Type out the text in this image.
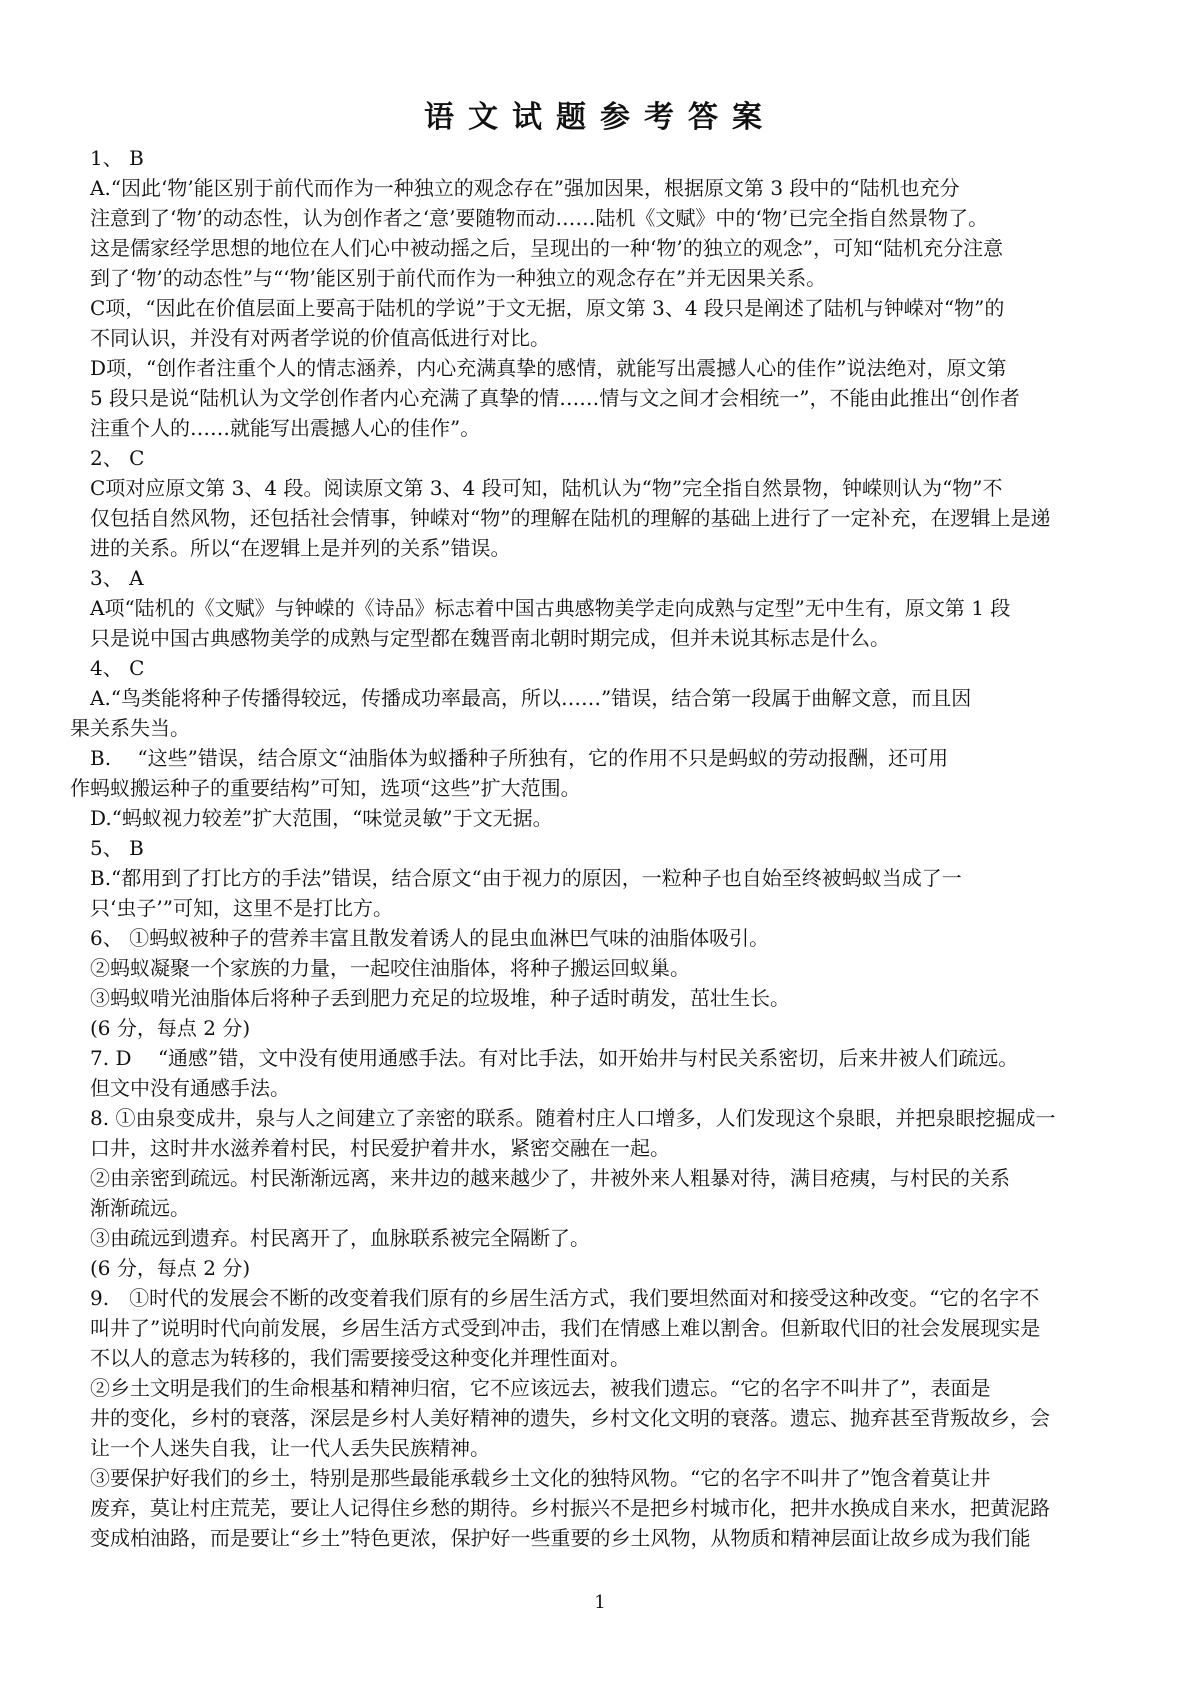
语文试题参考答案

1、 B

A.“因此‘物’能区别于前代而作为一种独立的观念存在”强加因果，根据原文第 3 段中的“陆机也充分

注意到了‘物’的动态性，认为创作者之‘意’要随物而动……陆机《文赋》中的‘物’已完全指自然景物了。

这是儒家经学思想的地位在人们心中被动摇之后，呈现出的一种‘物’的独立的观念”，可知“陆机充分注意

到了‘物’的动态性”与“‘物’能区别于前代而作为一种独立的观念存在”并无因果关系。

C项，“因此在价值层面上要高于陆机的学说”于文无据，原文第 3、4 段只是阐述了陆机与钟嵘对“物”的

不同认识，并没有对两者学说的价值高低进行对比。

D项，“创作者注重个人的情志涵养，内心充满真挚的感情，就能写出震撼人心的佳作”说法绝对，原文第

5 段只是说“陆机认为文学创作者内心充满了真挚的情……情与文之间才会相统一”，不能由此推出“创作者

注重个人的……就能写出震撼人心的佳作”。

2、 C

C项对应原文第 3、4 段。阅读原文第 3、4 段可知，陆机认为“物”完全指自然景物，钟嵘则认为“物”不

仅包括自然风物，还包括社会情事，钟嵘对“物”的理解在陆机的理解的基础上进行了一定补充，在逻辑上是递

进的关系。所以“在逻辑上是并列的关系”错误。

3、 A

A项“陆机的《文赋》与钟嵘的《诗品》标志着中国古典感物美学走向成熟与定型”无中生有，原文第 1 段

只是说中国古典感物美学的成熟与定型都在魏晋南北朝时期完成，但并未说其标志是什么。

4、 C

A.“鸟类能将种子传播得较远，传播成功率最高，所以……”错误，结合第一段属于曲解文意，而且因

果关系失当。

B.　 “这些”错误，结合原文“油脂体为蚁播种子所独有，它的作用不只是蚂蚁的劳动报酬，还可用

作蚂蚁搬运种子的重要结构”可知，选项“这些”扩大范围。

D.“蚂蚁视力较差”扩大范围，“味觉灵敏”于文无据。

5、 B

B.“都用到了打比方的手法”错误，结合原文“由于视力的原因，一粒种子也自始至终被蚂蚁当成了一

只‘虫子’”可知，这里不是打比方。

6、 ①蚂蚁被种子的营养丰富且散发着诱人的昆虫血淋巴气味的油脂体吸引。

②蚂蚁凝聚一个家族的力量，一起咬住油脂体，将种子搬运回蚁巢。

③蚂蚁啃光油脂体后将种子丢到肥力充足的垃圾堆，种子适时萌发，茁壮生长。

(6 分，每点 2 分)

7. D　 “通感”错，文中没有使用通感手法。有对比手法，如开始井与村民关系密切，后来井被人们疏远。

但文中没有通感手法。

8. ①由泉变成井，泉与人之间建立了亲密的联系。随着村庄人口增多，人们发现这个泉眼，并把泉眼挖掘成一

口井，这时井水滋养着村民，村民爱护着井水，紧密交融在一起。

②由亲密到疏远。村民渐渐远离，来井边的越来越少了，井被外来人粗暴对待，满目疮痍，与村民的关系

渐渐疏远。

③由疏远到遗弃。村民离开了，血脉联系被完全隔断了。

(6 分，每点 2 分)

9.　①时代的发展会不断的改变着我们原有的乡居生活方式，我们要坦然面对和接受这种改变。“它的名字不

叫井了”说明时代向前发展，乡居生活方式受到冲击，我们在情感上难以割舍。但新取代旧的社会发展现实是

不以人的意志为转移的，我们需要接受这种变化并理性面对。

②乡土文明是我们的生命根基和精神归宿，它不应该远去，被我们遗忘。“它的名字不叫井了”，表面是

井的变化，乡村的衰落，深层是乡村人美好精神的遗失，乡村文化文明的衰落。遗忘、抛弃甚至背叛故乡，会

让一个人迷失自我，让一代人丢失民族精神。

③要保护好我们的乡土，特别是那些最能承载乡土文化的独特风物。“它的名字不叫井了”饱含着莫让井

废弃，莫让村庄荒芜，要让人记得住乡愁的期待。乡村振兴不是把乡村城市化，把井水换成自来水，把黄泥路

变成柏油路，而是要让“乡土”特色更浓，保护好一些重要的乡土风物，从物质和精神层面让故乡成为我们能

1
